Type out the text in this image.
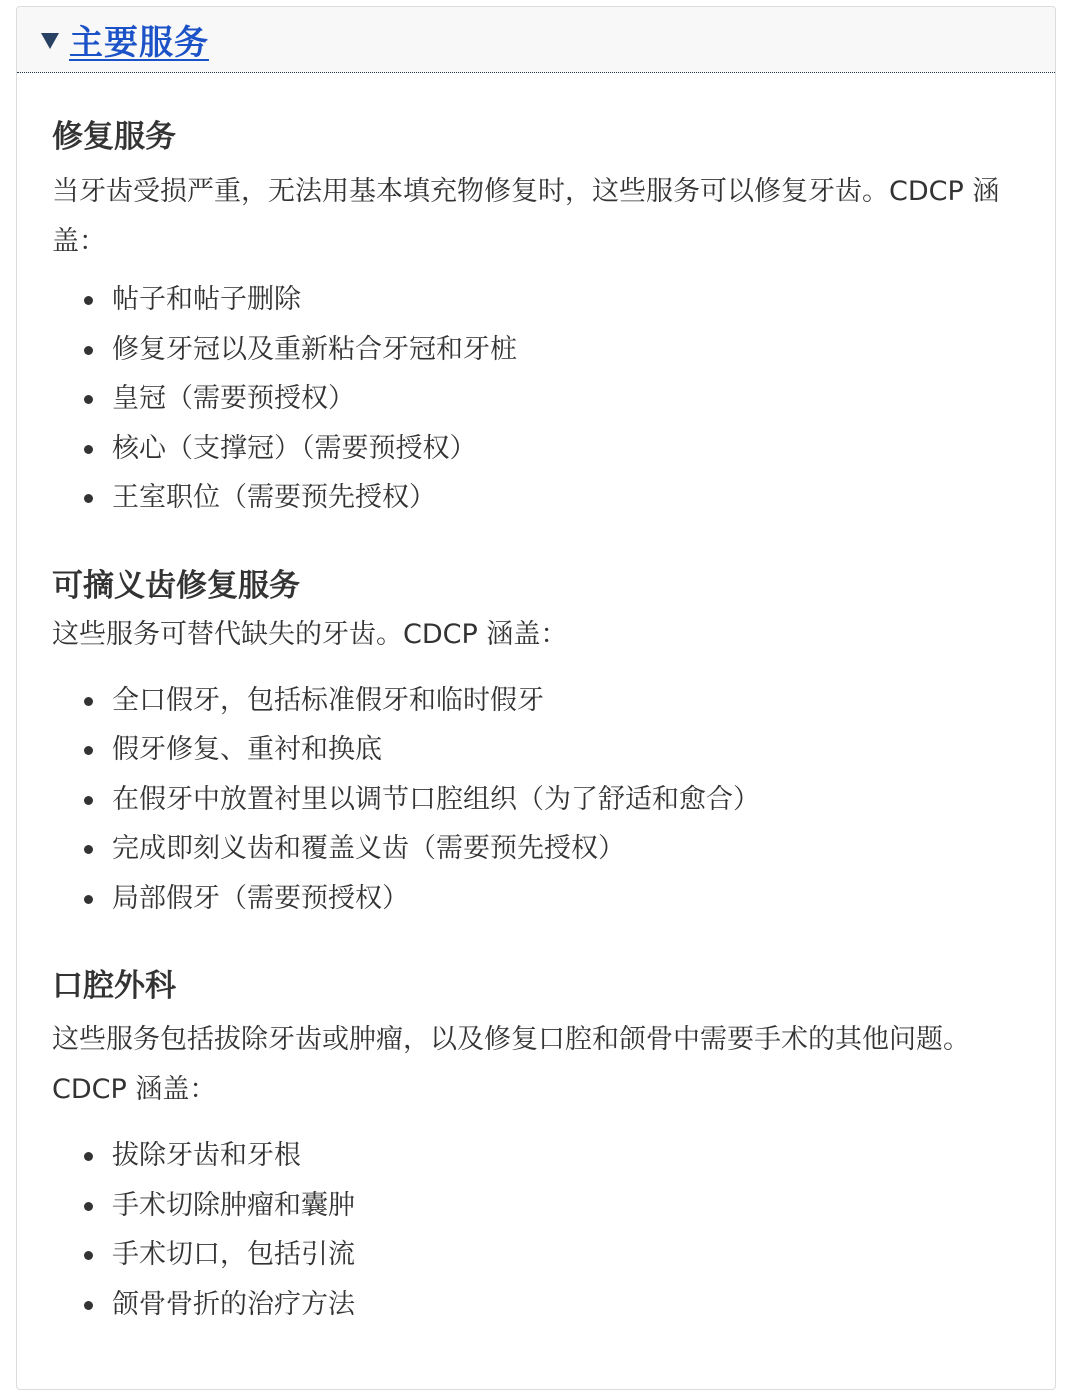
主要服务
修复服务

当牙齿受损严重，无法用基本填充物修复时，这些服务可以修复牙齿。CDCP 涵盖：

帖子和帖子删除
修复牙冠以及重新粘合牙冠和牙桩
皇冠（需要预授权）
核心（支撑冠）（需要预授权）
王室职位（需要预先授权）
可摘义齿修复服务

这些服务可替代缺失的牙齿。CDCP 涵盖：

全口假牙，包括标准假牙和临时假牙
假牙修复、重衬和换底
在假牙中放置衬里以调节口腔组织（为了舒适和愈合）
完成即刻义齿和覆盖义齿（需要预先授权）
局部假牙（需要预授权）
口腔外科

这些服务包括拔除牙齿或肿瘤，以及修复口腔和颌骨中需要手术的其他问题。CDCP 涵盖：

拔除牙齿和牙根
手术切除肿瘤和囊肿
手术切口，包括引流
颌骨骨折的治疗方法
